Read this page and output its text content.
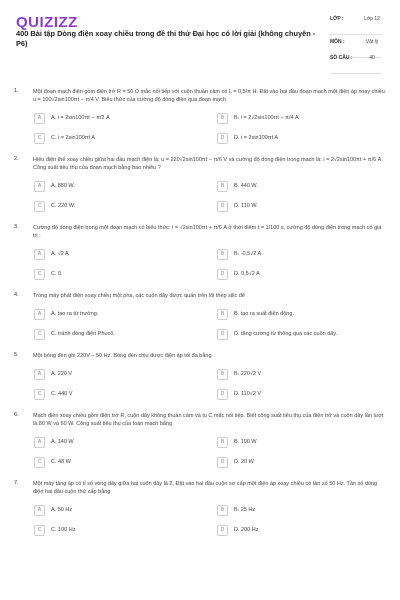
QUIZIZZ
400 Bài tập Dòng điện xoay chiều trong đề thi thử Đại học có lời giải (không chuyên - P6)
LỚP :	Lớp 12
MÔN :	Vật lý
SỐ CÂU :	40
1.	Một đoạn mạch điện gồm điện trở R = 50 Ω mắc nối tiếp với cuộn thuần cảm có L = 0,5/π H. Đặt vào hai đầu đoạn mạch một điện áp xoay chiều u = 100√2sin100πt − π/4 V. Biểu thức của cường độ dòng điện qua đoạn mạch
A	A. i = 2sin100πt − π/2 A	B	B. i = 2√2sin100πt − π/4 A
C	C. i = 2sin100πt A	D	D. i = 2sin100πt A
2.	Hiệu điện thế xoay chiều giữa hai đầu mạch điện là: u = 220√2sin100πt − π/6 V và cường độ dòng điện trong mạch là: i = 2√2sin100πt + π/6 A. Công suất tiêu thụ của đoạn mạch bằng bao nhiêu ?
A	A. 880 W.	B	B. 440 W.
C	C. 220 W.	D	D. 110 W.
3.	Cường độ dòng điện trong một đoạn mạch có biểu thức: i = √2sin100πt + π/6 A ở thời điểm t = 1/100 s, cường độ dòng điện trong mạch có giá trị :
A	A. √2 A	B	B. -0,5√2 A
C	C. 0	D	D. 0,5√2 A
4.	Trong máy phát điện xoay chiều một pha, các cuộn dây được quấn trên lõi thép silic để
A	A. tạo ra từ trường.	B	B. tạo ra suất điện động.
C	C. tránh dòng điện Phucô.	D	D. tăng cường từ thông qua các cuộn dây.
5.	Một bóng đèn ghi 220V – 50 Hz. Bóng đèn chịu được điện áp tối đa bằng
A	A. 220 V	B	B. 220√2 V
C	C. 440 V	D	D. 110√2 V
6.	Mạch điện xoay chiều gồm điện trở R, cuộn dây không thuần cảm và tụ C mắc nối tiếp. Biết công suất tiêu thụ của điện trở và cuộn dây lần lượt là 80 W và 60 W. Công suất tiêu thụ của toàn mạch bằng
A	A. 140 W	B	B. 100 W
C	C. 48 W	D	D. 20 W
7.	Một máy tăng áp có tỉ số vòng dây giữa hai cuộn dây là 2. Đặt vào hai đầu cuộn sơ cấp một điện áp xoay chiều có tần số 50 Hz. Tần số dòng điện hai đầu cuộn thứ cấp bằng
A	A. 50 Hz	B	B. 25 Hz
C	C. 100 Hz	D	D. 200 Hz
